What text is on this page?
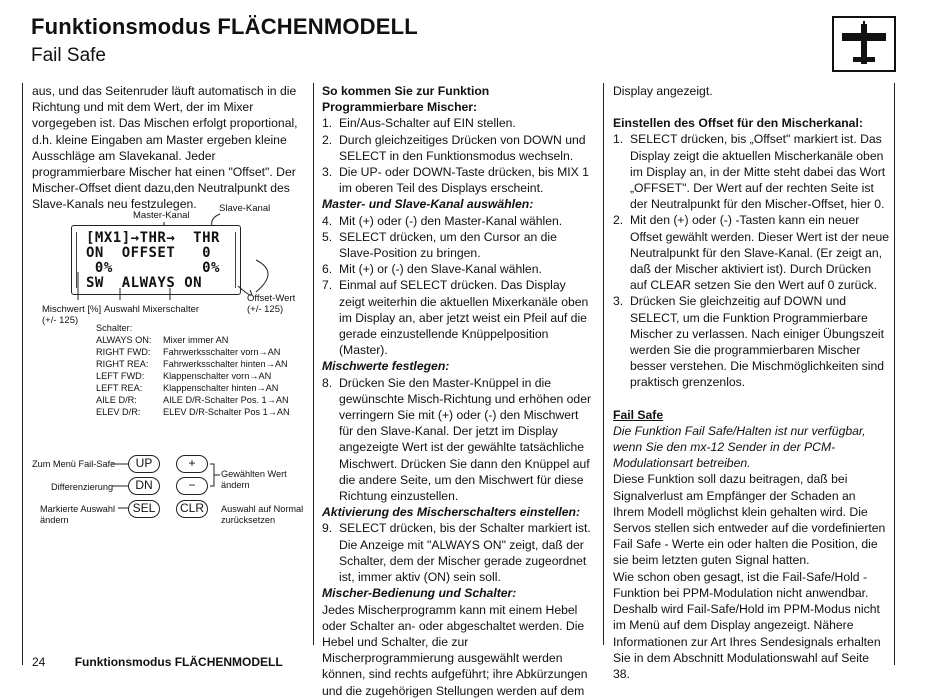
Funktionsmodus FLÄCHENMODELL
Fail Safe
aus, und das Seitenruder läuft automatisch in die Richtung und mit dem Wert, der im Mixer vorgegeben ist. Das Mischen erfolgt proportional, d.h. kleine Eingaben am Master ergeben kleine Ausschläge am Slavekanal. Jeder programmierbare Mischer hat einen "Offset". Der Mischer-Offset dient dazu,den Neutralpunkt des Slave-Kanals neu festzulegen.
Master-Kanal
Slave-Kanal
[MX1]→THR→  THR
ON  OFFSET   0
0%          0%
SW  ALWAYS ON
Mischwert [%]
(+/- 125)
Auswahl Mixerschalter
Offset-Wert
(+/- 125)
Schalter:
ALWAYS ON:	Mixer immer AN
RIGHT FWD:	Fahrwerksschalter vorn→AN
RIGHT REA:	Fahrwerksschalter hinten→AN
LEFT FWD:	Klappenschalter vorn→AN
LEFT REA:	Klappenschalter hinten→AN
AILE D/R:	AILE D/R-Schalter Pos. 1→AN
ELEV D/R:	ELEV D/R-Schalter Pos 1→AN
Zum Menü Fail-Safe
Differenzierung
Markierte Auswahl ändern
UP
DN
SEL
+
−
CLR
Gewählten Wert ändern
Auswahl auf Normal zurücksetzen
So kommen Sie zur Funktion Programmierbare Mischer:
1. Ein/Aus-Schalter auf EIN stellen.
2. Durch gleichzeitiges Drücken von DOWN und SELECT in den Funktionsmodus wechseln.
3. Die UP- oder DOWN-Taste drücken, bis MIX 1 im oberen Teil des Displays erscheint.
Master- und Slave-Kanal auswählen:
4. Mit (+) oder (-) den Master-Kanal wählen.
5. SELECT drücken, um den Cursor an die Slave-Position zu bringen.
6. Mit (+) or (-) den Slave-Kanal wählen.
7. Einmal auf SELECT drücken. Das Display zeigt weiterhin die aktuellen Mixerkanäle oben im Display an, aber jetzt weist ein Pfeil auf die gerade einzustellende Knüppelposition (Master).
Mischwerte festlegen:
8. Drücken Sie den Master-Knüppel in die gewünschte Misch-Richtung und erhöhen oder verringern Sie mit (+) oder (-) den Mischwert für den Slave-Kanal. Der jetzt im Display angezeigte Wert ist der gewählte tatsächliche Mischwert. Drücken Sie dann den Knüppel auf die andere Seite, um den Mischwert für diese Richtung einzustellen.
Aktivierung des Mischerschalters einstellen:
9. SELECT drücken, bis der Schalter markiert ist. Die Anzeige mit "ALWAYS ON" zeigt, daß der Schalter, dem der Mischer gerade zugeordnet ist, immer aktiv (ON) sein soll.
Mischer-Bedienung und Schalter:
Jedes Mischerprogramm kann mit einem Hebel oder Schalter an- oder abgeschaltet werden. Die Hebel und Schalter, die zur Mischerprogrammierung ausgewählt werden können, sind rechts aufgeführt; ihre Abkürzungen und die zugehörigen Stellungen werden auf dem
Display angezeigt.
Einstellen des Offset für den Mischerkanal:
1. SELECT drücken, bis „Offset" markiert ist. Das Display zeigt die aktuellen Mischerkanäle oben im Display an, in der Mitte steht dabei das Wort „OFFSET". Der Wert auf der rechten Seite ist der Neutralpunkt für den Mischer-Offset, hier 0.
2. Mit den (+) oder (-) -Tasten kann ein neuer Offset gewählt werden. Dieser Wert ist der neue Neutralpunkt für den Slave-Kanal. (Er zeigt an, daß der Mischer aktiviert ist). Durch Drücken auf CLEAR setzen Sie den Wert auf 0 zurück.
3. Drücken Sie gleichzeitig auf DOWN und SELECT, um die Funktion Programmierbare Mischer zu verlassen. Nach einiger Übungszeit werden Sie die programmierbaren Mischer besser verstehen. Die Mischmöglichkeiten sind praktisch grenzenlos.
Fail Safe
Die Funktion Fail Safe/Halten ist nur verfügbar, wenn Sie den mx-12 Sender in der PCM-Modulationsart betreiben.
Diese Funktion soll dazu beitragen, daß bei Signalverlust am Empfänger der Schaden an Ihrem Modell möglichst klein gehalten wird. Die Servos stellen sich entweder auf die vordefinierten Fail Safe - Werte ein oder halten die Position, die sie beim letzten guten Signal hatten.
Wie schon oben gesagt, ist die Fail-Safe/Hold - Funktion bei PPM-Modulation nicht anwendbar. Deshalb wird Fail-Safe/Hold im PPM-Modus nicht im Menü auf dem Display angezeigt. Nähere Informationen zur Art Ihres Sendesignals erhalten Sie in dem Abschnitt Modulationswahl auf Seite 38.
24 Funktionsmodus FLÄCHENMODELL
